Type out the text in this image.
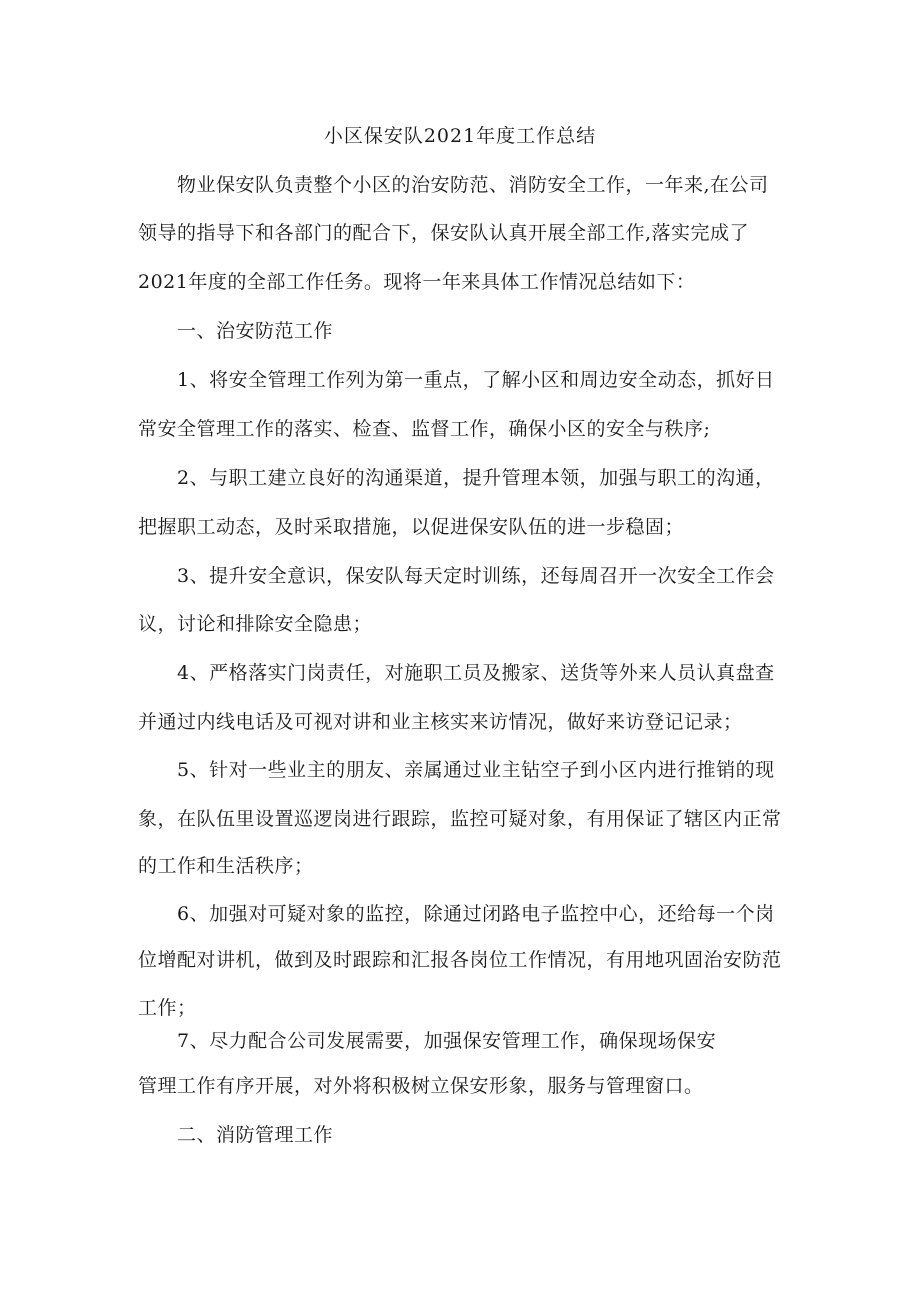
小区保安队2021年度工作总结
物业保安队负责整个小区的治安防范、消防安全工作，一年来,在公司
领导的指导下和各部门的配合下，保安队认真开展全部工作,落实完成了
2021年度的全部工作任务。现将一年来具体工作情况总结如下：
一、治安防范工作
1、将安全管理工作列为第一重点，了解小区和周边安全动态，抓好日
常安全管理工作的落实、检查、监督工作，确保小区的安全与秩序;
2、与职工建立良好的沟通渠道，提升管理本领，加强与职工的沟通，
把握职工动态，及时采取措施，以促进保安队伍的进一步稳固；
3、提升安全意识，保安队每天定时训练，还每周召开一次安全工作会
议，讨论和排除安全隐患；
4、严格落实门岗责任，对施职工员及搬家、送货等外来人员认真盘查
并通过内线电话及可视对讲和业主核实来访情况，做好来访登记记录；
5、针对一些业主的朋友、亲属通过业主钻空子到小区内进行推销的现
象，在队伍里设置巡逻岗进行跟踪，监控可疑对象，有用保证了辖区内正常
的工作和生活秩序；
6、加强对可疑对象的监控，除通过闭路电子监控中心，还给每一个岗
位增配对讲机，做到及时跟踪和汇报各岗位工作情况，有用地巩固治安防范
工作；
7、尽力配合公司发展需要，加强保安管理工作，确保现场保安
管理工作有序开展，对外将积极树立保安形象，服务与管理窗口。
二、消防管理工作
